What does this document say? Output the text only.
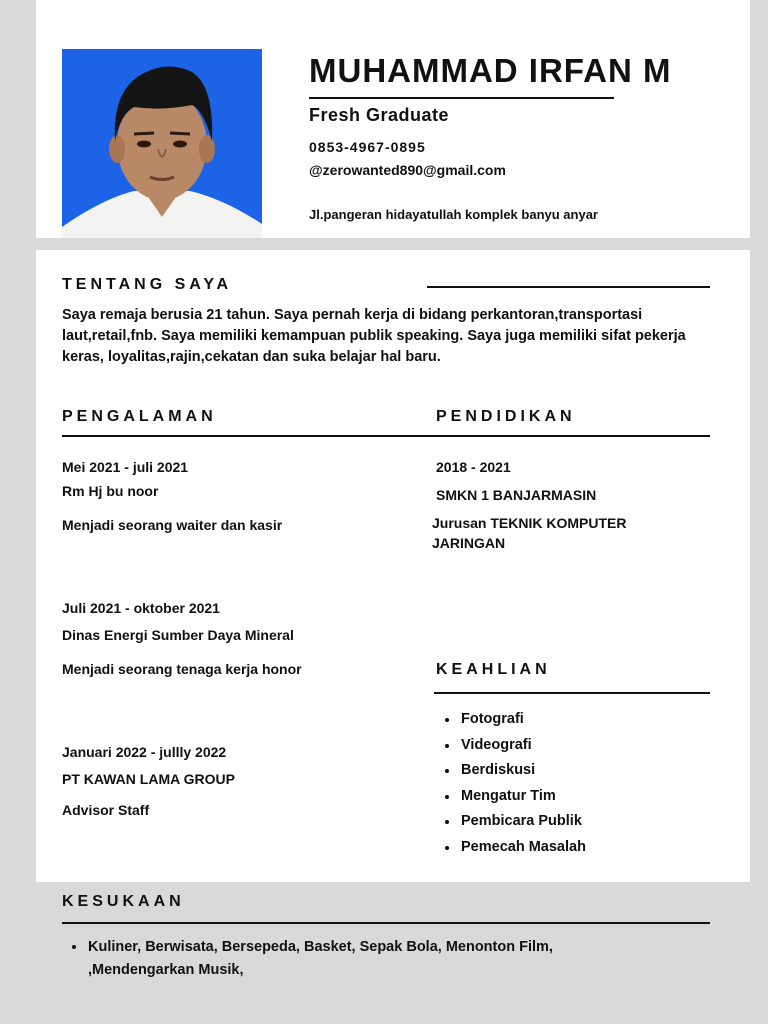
MUHAMMAD IRFAN M
Fresh Graduate
0853-4967-0895
@zerowanted890@gmail.com
Jl.pangeran hidayatullah komplek banyu anyar
TENTANG SAYA
Saya remaja berusia 21 tahun. Saya pernah kerja di bidang perkantoran,transportasi laut,retail,fnb. Saya memiliki kemampuan publik speaking. Saya juga memiliki sifat pekerja keras, loyalitas,rajin,cekatan dan suka belajar hal baru.
PENGALAMAN	PENDIDIKAN
Mei 2021 - juli 2021
Rm Hj bu noor
Menjadi seorang waiter dan kasir
Juli 2021 - oktober 2021
Dinas Energi Sumber Daya Mineral
Menjadi seorang tenaga kerja honor
Januari 2022 - jullly 2022
PT KAWAN LAMA GROUP
Advisor Staff
2018 - 2021
SMKN 1 BANJARMASIN
Jurusan TEKNIK KOMPUTER JARINGAN
KEAHLIAN
Fotografi
Videografi
Berdiskusi
Mengatur Tim
Pembicara Publik
Pemecah Masalah
KESUKAAN
Kuliner, Berwisata, Bersepeda, Basket, Sepak Bola, Menonton Film, ,Mendengarkan Musik,
